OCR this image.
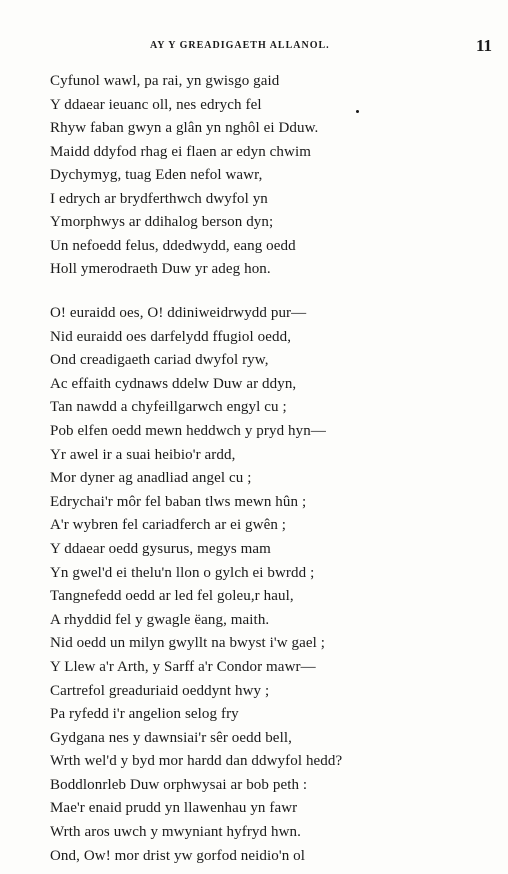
AY Y GREADIGAETH ALLANOL.	11
Cyfunol wawl, pa rai, yn gwisgo gaid
Y ddaear ieuanc oll, nes edrych fel
Rhyw faban gwyn a glân yn nghôl ei Dduw.
Maidd ddyfod rhag ei flaen ar edyn chwim
Dychymyg, tuag Eden nefol wawr,
I edrych ar brydferthwch dwyfol yn
Ymorphwys ar ddihalog berson dyn;
Un nefoedd felus, ddedwydd, eang oedd
Holl ymerodraeth Duw yr adeg hon.
O! euraidd oes, O! ddiniweidrwydd pur—
Nid euraidd oes darfelydd ffugiol oedd,
Ond creadigaeth cariad dwyfol ryw,
Ac effaith cydnaws ddelw Duw ar ddyn,
Tan nawdd a chyfeillgarwch engyl cu ;
Pob elfen oedd mewn heddwch y pryd hyn—
Yr awel ir a suai heibio'r ardd,
Mor dyner ag anadliad angel cu ;
Edrychai'r môr fel baban tlws mewn hûn ;
A'r wybren fel cariadferch ar ei gwên ;
Y ddaear oedd gysurus, megys mam
Yn gwel'd ei thelu'n llon o gylch ei bwrdd ;
Tangnefedd oedd ar led fel goleu,r haul,
A rhyddid fel y gwagle ëang, maith.
Nid oedd un milyn gwyllt na bwyst i'w gael ;
Y Llew a'r Arth, y Sarff a'r Condor mawr—
Cartrefol greaduriaid oeddynt hwy ;
Pa ryfedd i'r angelion selog fry
Gydgana nes y dawnsiai'r sêr oedd bell,
Wrth wel'd y byd mor hardd dan ddwyfol hedd?
Boddlonrleb Duw orphwysai ar bob peth :
Mae'r enaid prudd yn llawenhau yn fawr
Wrth aros uwch y mwyniant hyfryd hwn.
Ond, Ow! mor drist yw gorfod neidio'n ol
